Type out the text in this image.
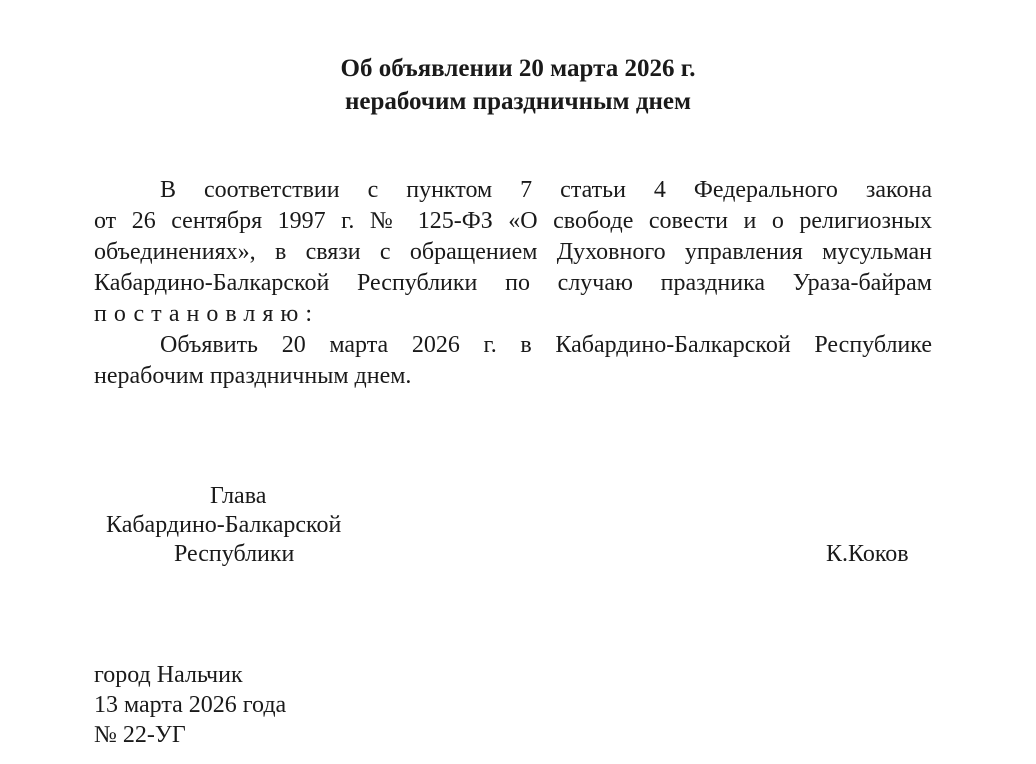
Об объявлении 20 марта 2026 г.
нерабочим праздничным днем
В соответствии с пунктом 7 статьи 4 Федерального закона
от 26 сентября 1997 г. № 125-ФЗ «О свободе совести и о религиозных
объединениях», в связи с обращением Духовного управления мусульман
Кабардино-Балкарской Республики по случаю праздника Ураза-байрам
постановляю:
Объявить 20 марта 2026 г. в Кабардино-Балкарской Республике
нерабочим праздничным днем.
Глава
Кабардино-Балкарской
Республики	К.Коков
город Нальчик
13 марта 2026 года
№ 22-УГ
